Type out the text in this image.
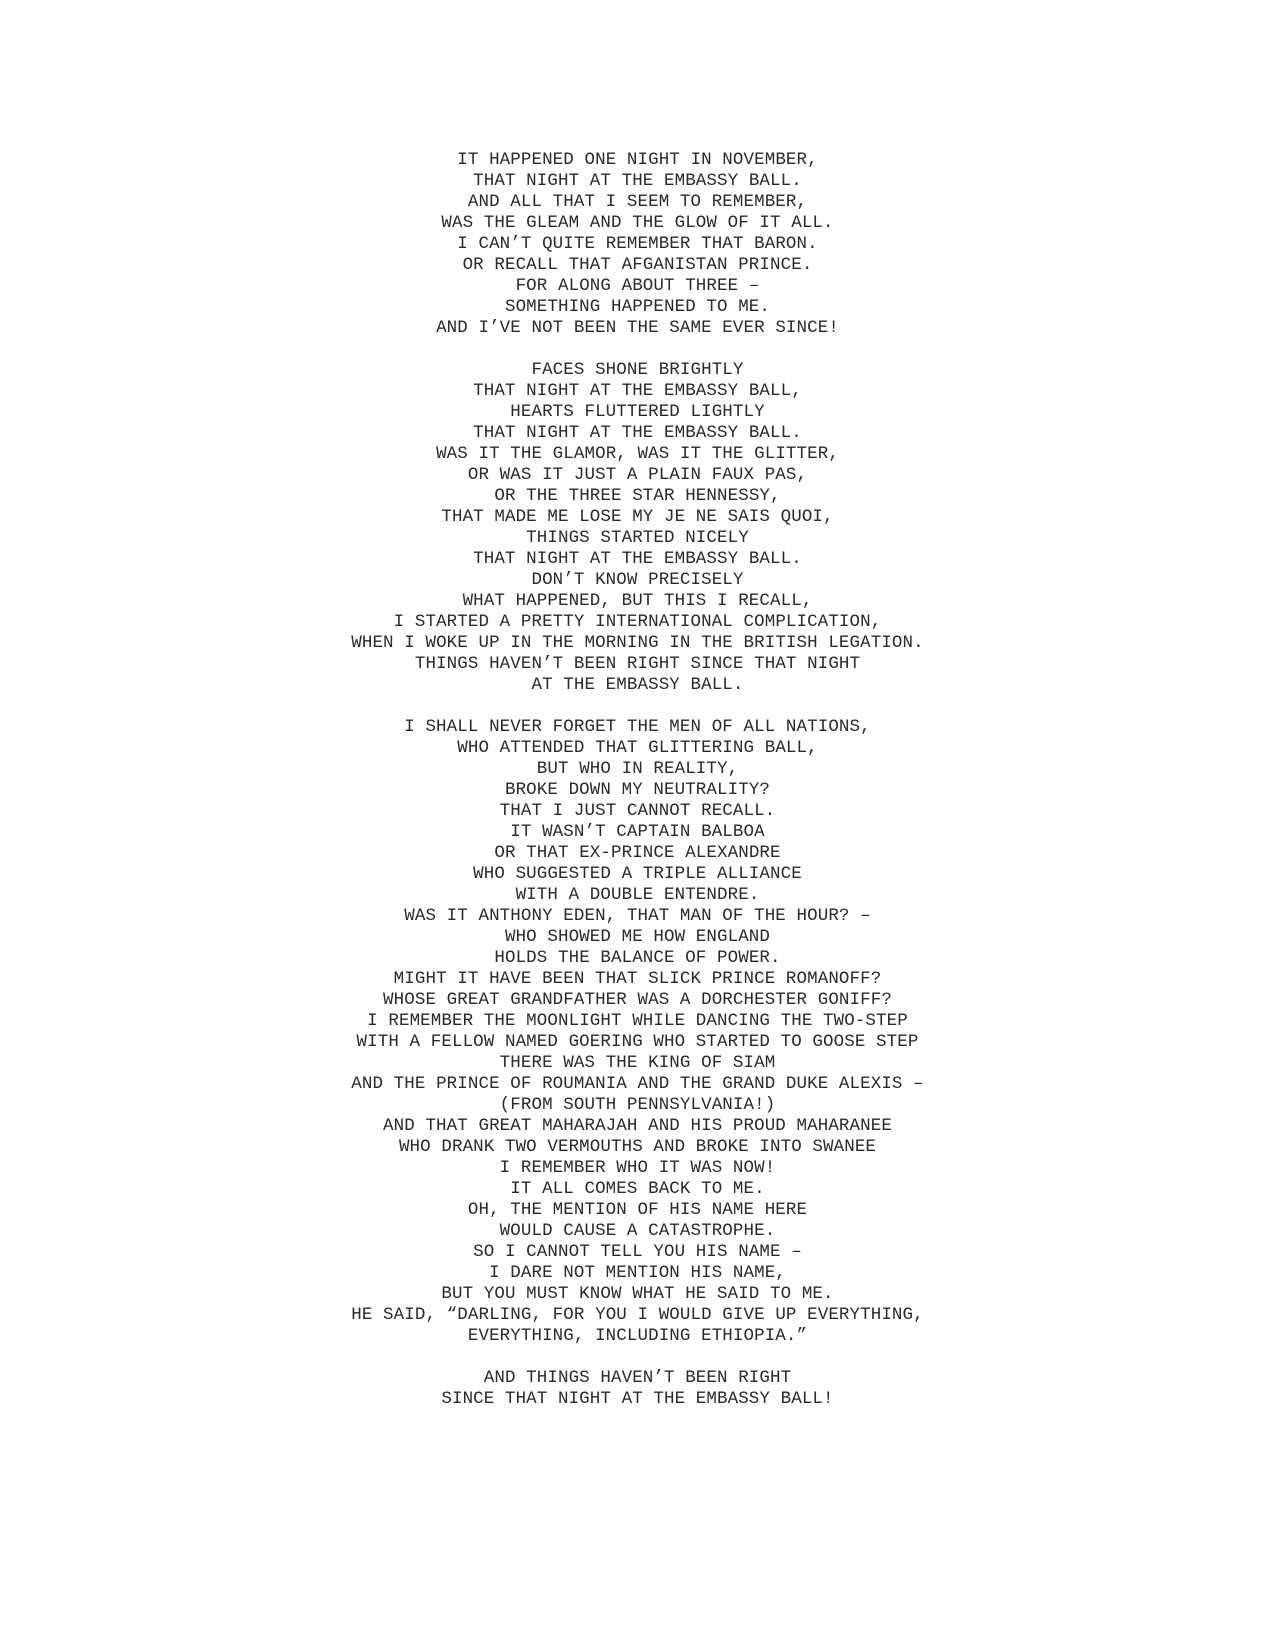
IT HAPPENED ONE NIGHT IN NOVEMBER,
THAT NIGHT AT THE EMBASSY BALL.
AND ALL THAT I SEEM TO REMEMBER,
WAS THE GLEAM AND THE GLOW OF IT ALL.
I CAN’T QUITE REMEMBER THAT BARON.
OR RECALL THAT AFGANISTAN PRINCE.
FOR ALONG ABOUT THREE –
SOMETHING HAPPENED TO ME.
AND I’VE NOT BEEN THE SAME EVER SINCE!
FACES SHONE BRIGHTLY
THAT NIGHT AT THE EMBASSY BALL,
HEARTS FLUTTERED LIGHTLY
THAT NIGHT AT THE EMBASSY BALL.
WAS IT THE GLAMOR, WAS IT THE GLITTER,
OR WAS IT JUST A PLAIN FAUX PAS,
OR THE THREE STAR HENNESSY,
THAT MADE ME LOSE MY JE NE SAIS QUOI,
THINGS STARTED NICELY
THAT NIGHT AT THE EMBASSY BALL.
DON’T KNOW PRECISELY
WHAT HAPPENED, BUT THIS I RECALL,
I STARTED A PRETTY INTERNATIONAL COMPLICATION,
WHEN I WOKE UP IN THE MORNING IN THE BRITISH LEGATION.
THINGS HAVEN’T BEEN RIGHT SINCE THAT NIGHT
AT THE EMBASSY BALL.
I SHALL NEVER FORGET THE MEN OF ALL NATIONS,
WHO ATTENDED THAT GLITTERING BALL,
BUT WHO IN REALITY,
BROKE DOWN MY NEUTRALITY?
THAT I JUST CANNOT RECALL.
IT WASN’T CAPTAIN BALBOA
OR THAT EX-PRINCE ALEXANDRE
WHO SUGGESTED A TRIPLE ALLIANCE
WITH A DOUBLE ENTENDRE.
WAS IT ANTHONY EDEN, THAT MAN OF THE HOUR? –
WHO SHOWED ME HOW ENGLAND
HOLDS THE BALANCE OF POWER.
MIGHT IT HAVE BEEN THAT SLICK PRINCE ROMANOFF?
WHOSE GREAT GRANDFATHER WAS A DORCHESTER GONIFF?
I REMEMBER THE MOONLIGHT WHILE DANCING THE TWO-STEP
WITH A FELLOW NAMED GOERING WHO STARTED TO GOOSE STEP
THERE WAS THE KING OF SIAM
AND THE PRINCE OF ROUMANIA AND THE GRAND DUKE ALEXIS –
(FROM SOUTH PENNSYLVANIA!)
AND THAT GREAT MAHARAJAH AND HIS PROUD MAHARANEE
WHO DRANK TWO VERMOUTHS AND BROKE INTO SWANEE
I REMEMBER WHO IT WAS NOW!
IT ALL COMES BACK TO ME.
OH, THE MENTION OF HIS NAME HERE
WOULD CAUSE A CATASTROPHE.
SO I CANNOT TELL YOU HIS NAME –
I DARE NOT MENTION HIS NAME,
BUT YOU MUST KNOW WHAT HE SAID TO ME.
HE SAID, “DARLING, FOR YOU I WOULD GIVE UP EVERYTHING,
EVERYTHING, INCLUDING ETHIOPIA.”
AND THINGS HAVEN’T BEEN RIGHT
SINCE THAT NIGHT AT THE EMBASSY BALL!
